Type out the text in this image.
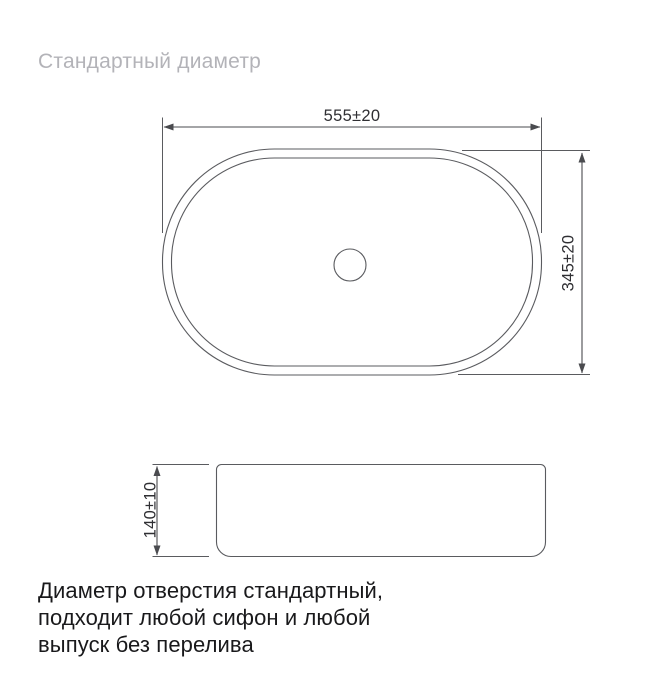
Стандартный диаметр
555±20
345±20
140±10
Диаметр отверстия стандартный,
подходит любой сифон и любой
выпуск без перелива
